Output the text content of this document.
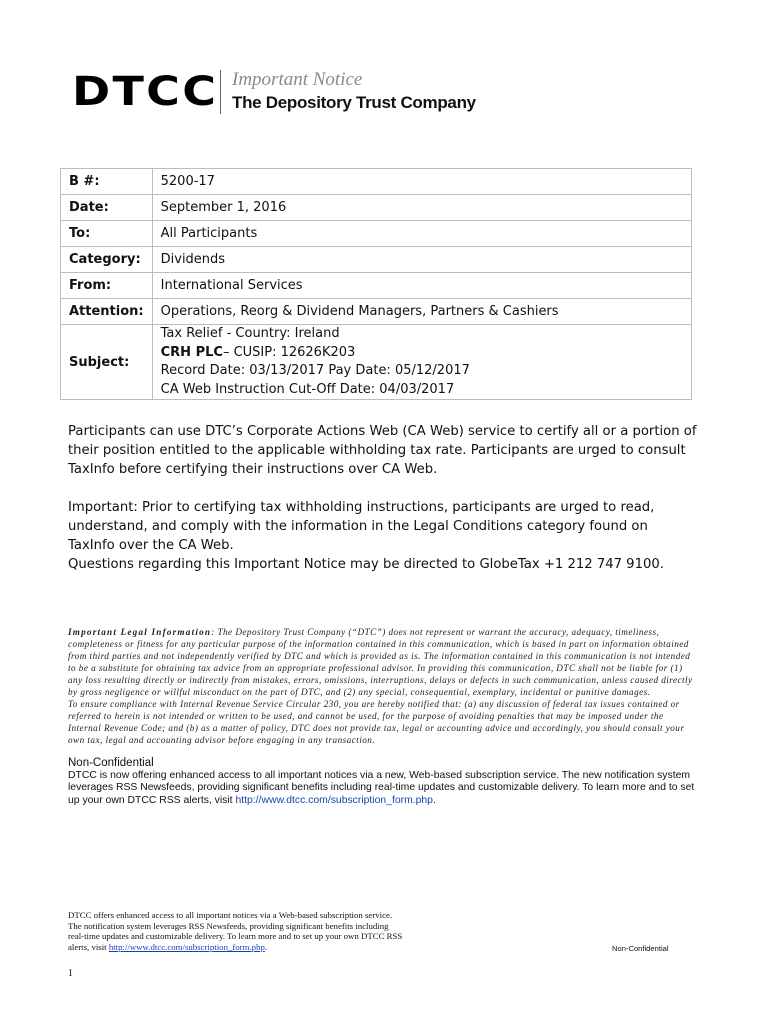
DTCC Important Notice
The Depository Trust Company
B #:	5200-17
Date:	September 1, 2016
To:	All Participants
Category:	Dividends
From:	International Services
Attention:	Operations, Reorg & Dividend Managers, Partners & Cashiers
Subject:	Tax Relief - Country: Ireland
CRH PLC– CUSIP: 12626K203
Record Date: 03/13/2017 Pay Date: 05/12/2017
CA Web Instruction Cut-Off Date: 04/03/2017
Participants can use DTC’s Corporate Actions Web (CA Web) service to certify all or a portion of their position entitled to the applicable withholding tax rate. Participants are urged to consult TaxInfo before certifying their instructions over CA Web.
Important: Prior to certifying tax withholding instructions, participants are urged to read, understand, and comply with the information in the Legal Conditions category found on TaxInfo over the CA Web.
Questions regarding this Important Notice may be directed to GlobeTax +1 212 747 9100.

Important Legal Information: The Depository Trust Company (“DTC”) does not represent or warrant the accuracy, adequacy, timeliness, completeness or fitness for any particular purpose of the information contained in this communication, which is based in part on information obtained from third parties and not independently verified by DTC and which is provided as is. The information contained in this communication is not intended to be a substitute for obtaining tax advice from an appropriate professional advisor. In providing this communication, DTC shall not be liable for (1) any loss resulting directly or indirectly from mistakes, errors, omissions, interruptions, delays or defects in such communication, unless caused directly by gross negligence or willful misconduct on the part of DTC, and (2) any special, consequential, exemplary, incidental or punitive damages.

To ensure compliance with Internal Revenue Service Circular 230, you are hereby notified that: (a) any discussion of federal tax issues contained or referred to herein is not intended or written to be used, and cannot be used, for the purpose of avoiding penalties that may be imposed under the Internal Revenue Code; and (b) as a matter of policy, DTC does not provide tax, legal or accounting advice and accordingly, you should consult your own tax, legal and accounting advisor before engaging in any transaction.

Non-Confidential
DTCC is now offering enhanced access to all important notices via a new, Web-based subscription service. The new notification system leverages RSS Newsfeeds, providing significant benefits including real-time updates and customizable delivery. To learn more and to set up your own DTCC RSS alerts, visit http://www.dtcc.com/subscription_form.php.
DTCC offers enhanced access to all important notices via a Web-based subscription service.
The notification system leverages RSS Newsfeeds, providing significant benefits including
real-time updates and customizable delivery. To learn more and to set up your own DTCC RSS
alerts, visit http://www.dtcc.com/subscription_form.php.	Non-Confidential
1
